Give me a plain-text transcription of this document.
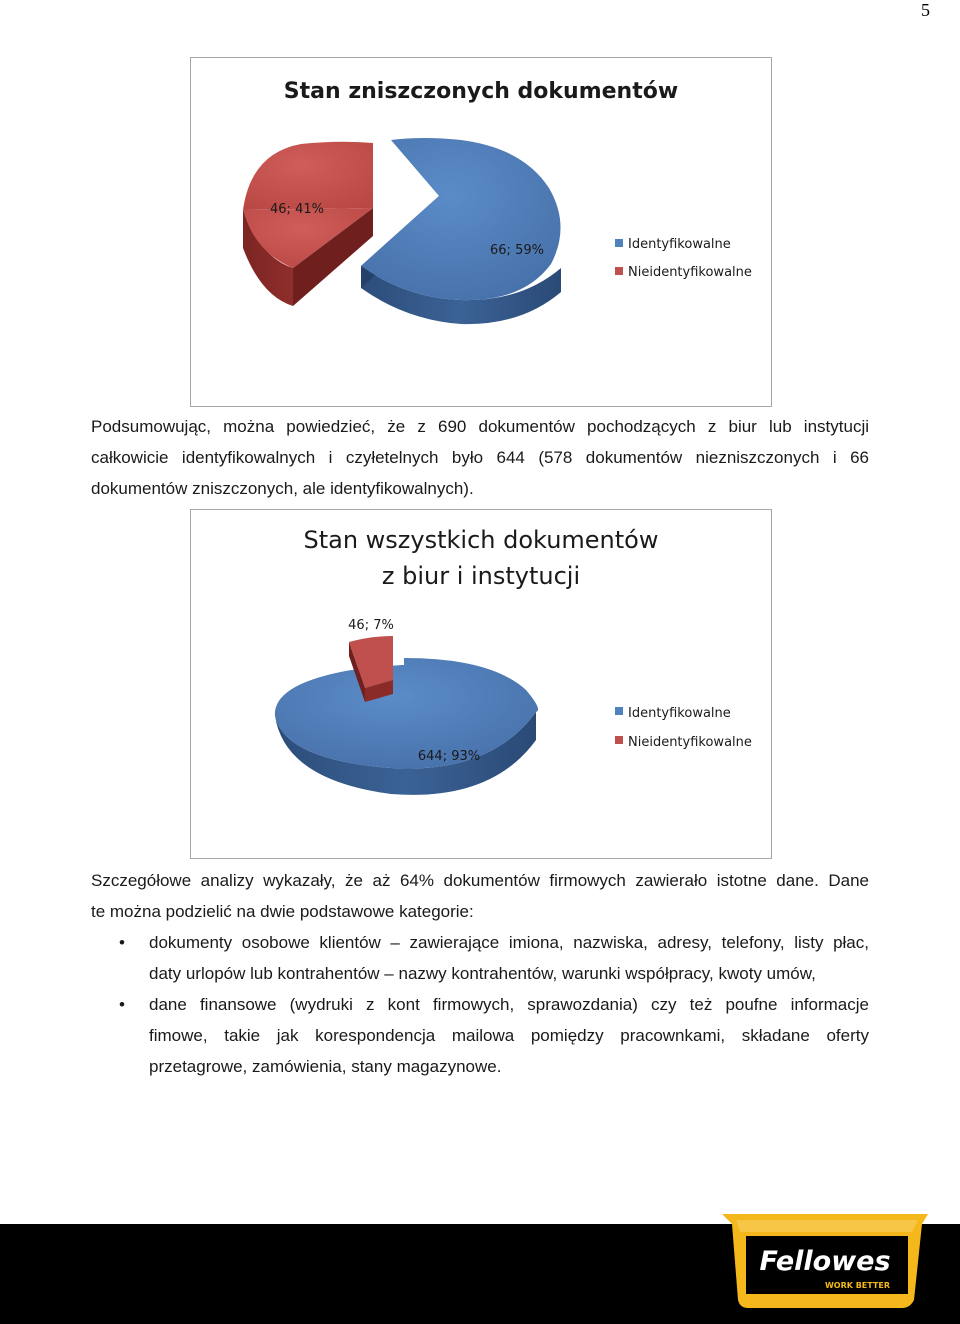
5
Stan zniszczonych dokumentów
46; 41%
66; 59%	Identyfikowalne
Nieidentyfikowalne
Podsumowując, można powiedzieć, że z 690 dokumentów pochodzących z biur lub instytucji
całkowicie identyfikowalnych i czyłetelnych było 644 (578 dokumentów niezniszczonych i 66
dokumentów zniszczonych, ale identyfikowalnych).
Stan wszystkich dokumentów
z biur i instytucji
46; 7%
644; 93%
Identyfikowalne
Nieidentyfikowalne
Szczegółowe analizy wykazały, że aż 64% dokumentów firmowych zawierało istotne dane. Dane
te można podzielić na dwie podstawowe kategorie:
• dokumenty osobowe klientów – zawierające imiona, nazwiska, adresy, telefony, listy płac,
daty urlopów lub kontrahentów – nazwy kontrahentów, warunki współpracy, kwoty umów,
• dane finansowe (wydruki z kont firmowych, sprawozdania) czy też poufne informacje
fimowe, takie jak korespondencja mailowa pomiędzy pracownkami, składane oferty
przetagrowe, zamówienia, stany magazynowe.
Fellowes
WORK BETTER
